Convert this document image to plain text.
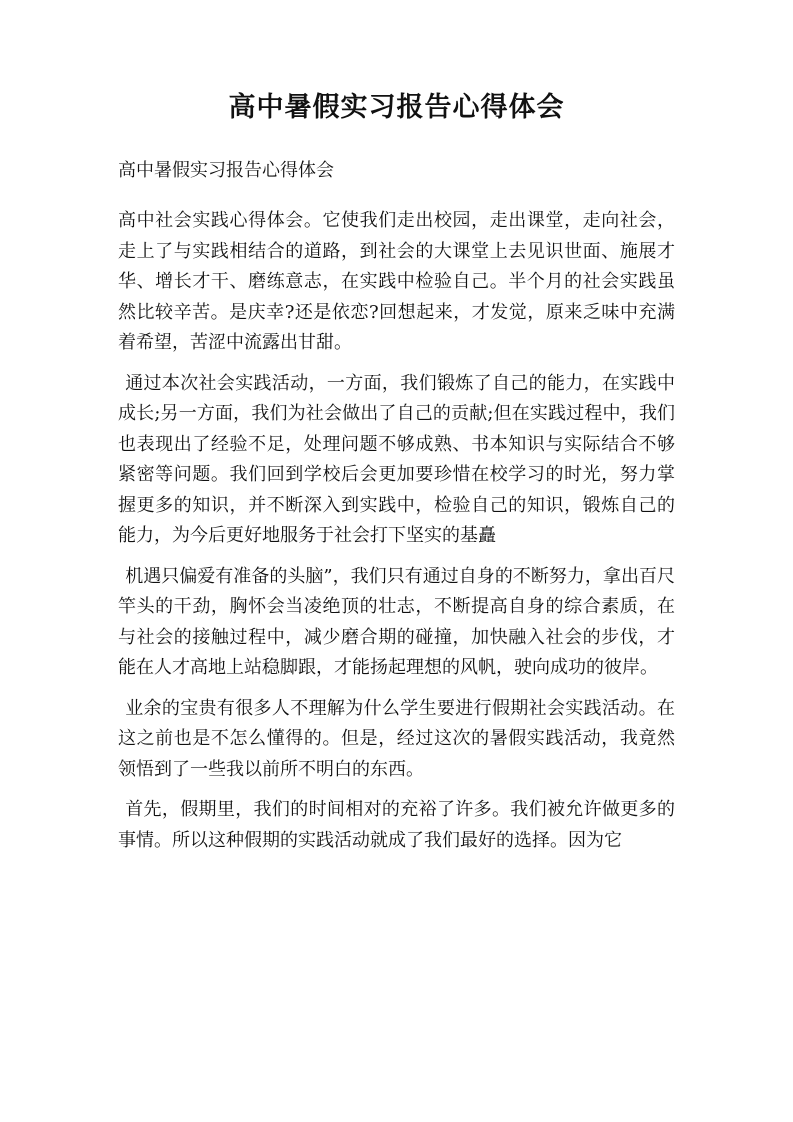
高中暑假实习报告心得体会

高中暑假实习报告心得体会

高中社会实践心得体会。它使我们走出校园，走出课堂，走向社会，走上了与实践相结合的道路，到社会的大课堂上去见识世面、施展才华、增长才干、磨练意志，在实践中检验自己。半个月的社会实践虽然比较辛苦。是庆幸?还是依恋?回想起来，才发觉，原来乏味中充满着希望，苦涩中流露出甘甜。

通过本次社会实践活动，一方面，我们锻炼了自己的能力，在实践中成长;另一方面，我们为社会做出了自己的贡献;但在实践过程中，我们也表现出了经验不足，处理问题不够成熟、书本知识与实际结合不够紧密等问题。我们回到学校后会更加要珍惜在校学习的时光，努力掌握更多的知识，并不断深入到实践中，检验自己的知识，锻炼自己的能力，为今后更好地服务于社会打下坚实的基矗

机遇只偏爱有准备的头脑”，我们只有通过自身的不断努力，拿出百尺竿头的干劲，胸怀会当凌绝顶的壮志，不断提高自身的综合素质，在与社会的接触过程中，减少磨合期的碰撞，加快融入社会的步伐，才能在人才高地上站稳脚跟，才能扬起理想的风帆，驶向成功的彼岸。

业余的宝贵有很多人不理解为什么学生要进行假期社会实践活动。在这之前也是不怎么懂得的。但是，经过这次的暑假实践活动，我竟然领悟到了一些我以前所不明白的东西。

首先，假期里，我们的时间相对的充裕了许多。我们被允许做更多的事情。所以这种假期的实践活动就成了我们最好的选择。因为它
